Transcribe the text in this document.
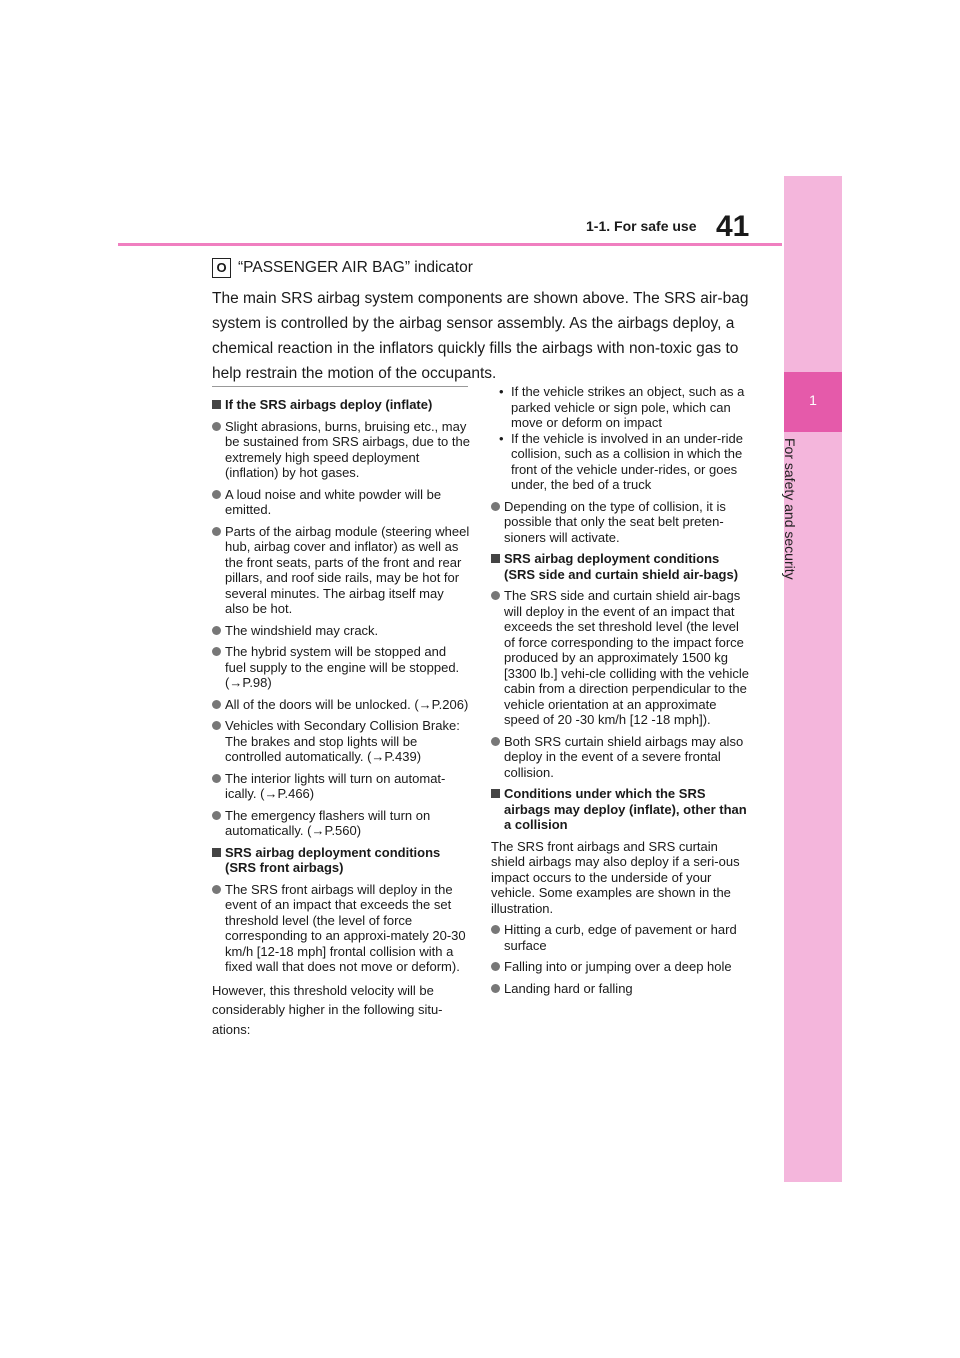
1-1. For safe use 41
1
For safety and security
O “PASSENGER AIR BAG” indicator
The main SRS airbag system components are shown above. The SRS air-bag system is controlled by the airbag sensor assembly. As the airbags deploy, a chemical reaction in the inflators quickly fills the airbags with non-toxic gas to help restrain the motion of the occupants.
If the SRS airbags deploy (inflate)
Slight abrasions, burns, bruising etc., may be sustained from SRS airbags, due to the extremely high speed deployment (inflation) by hot gases.
A loud noise and white powder will be emitted.
Parts of the airbag module (steering wheel hub, airbag cover and inflator) as well as the front seats, parts of the front and rear pillars, and roof side rails, may be hot for several minutes. The airbag itself may also be hot.
The windshield may crack.
The hybrid system will be stopped and fuel supply to the engine will be stopped. (→P.98)
All of the doors will be unlocked. (→P.206)
Vehicles with Secondary Collision Brake: The brakes and stop lights will be controlled automatically. (→P.439)
The interior lights will turn on automat-ically. (→P.466)
The emergency flashers will turn on automatically. (→P.560)
SRS airbag deployment conditions (SRS front airbags)
The SRS front airbags will deploy in the event of an impact that exceeds the set threshold level (the level of force corresponding to an approxi-mately 20-30 km/h [12-18 mph] frontal collision with a fixed wall that does not move or deform).
However, this threshold velocity will be considerably higher in the following situ-ations:
• If the vehicle strikes an object, such as a parked vehicle or sign pole, which can move or deform on impact
• If the vehicle is involved in an under-ride collision, such as a collision in which the front of the vehicle under-rides, or goes under, the bed of a truck
Depending on the type of collision, it is possible that only the seat belt preten-sioners will activate.
SRS airbag deployment conditions (SRS side and curtain shield air-bags)
The SRS side and curtain shield air-bags will deploy in the event of an impact that exceeds the set threshold level (the level of force corresponding to the impact force produced by an approximately 1500 kg [3300 lb.] vehi-cle colliding with the vehicle cabin from a direction perpendicular to the vehicle orientation at an approximate speed of 20 -30 km/h [12 -18 mph]).
Both SRS curtain shield airbags may also deploy in the event of a severe frontal collision.
Conditions under which the SRS airbags may deploy (inflate), other than a collision
The SRS front airbags and SRS curtain shield airbags may also deploy if a seri-ous impact occurs to the underside of your vehicle. Some examples are shown in the illustration.
Hitting a curb, edge of pavement or hard surface
Falling into or jumping over a deep hole
Landing hard or falling
